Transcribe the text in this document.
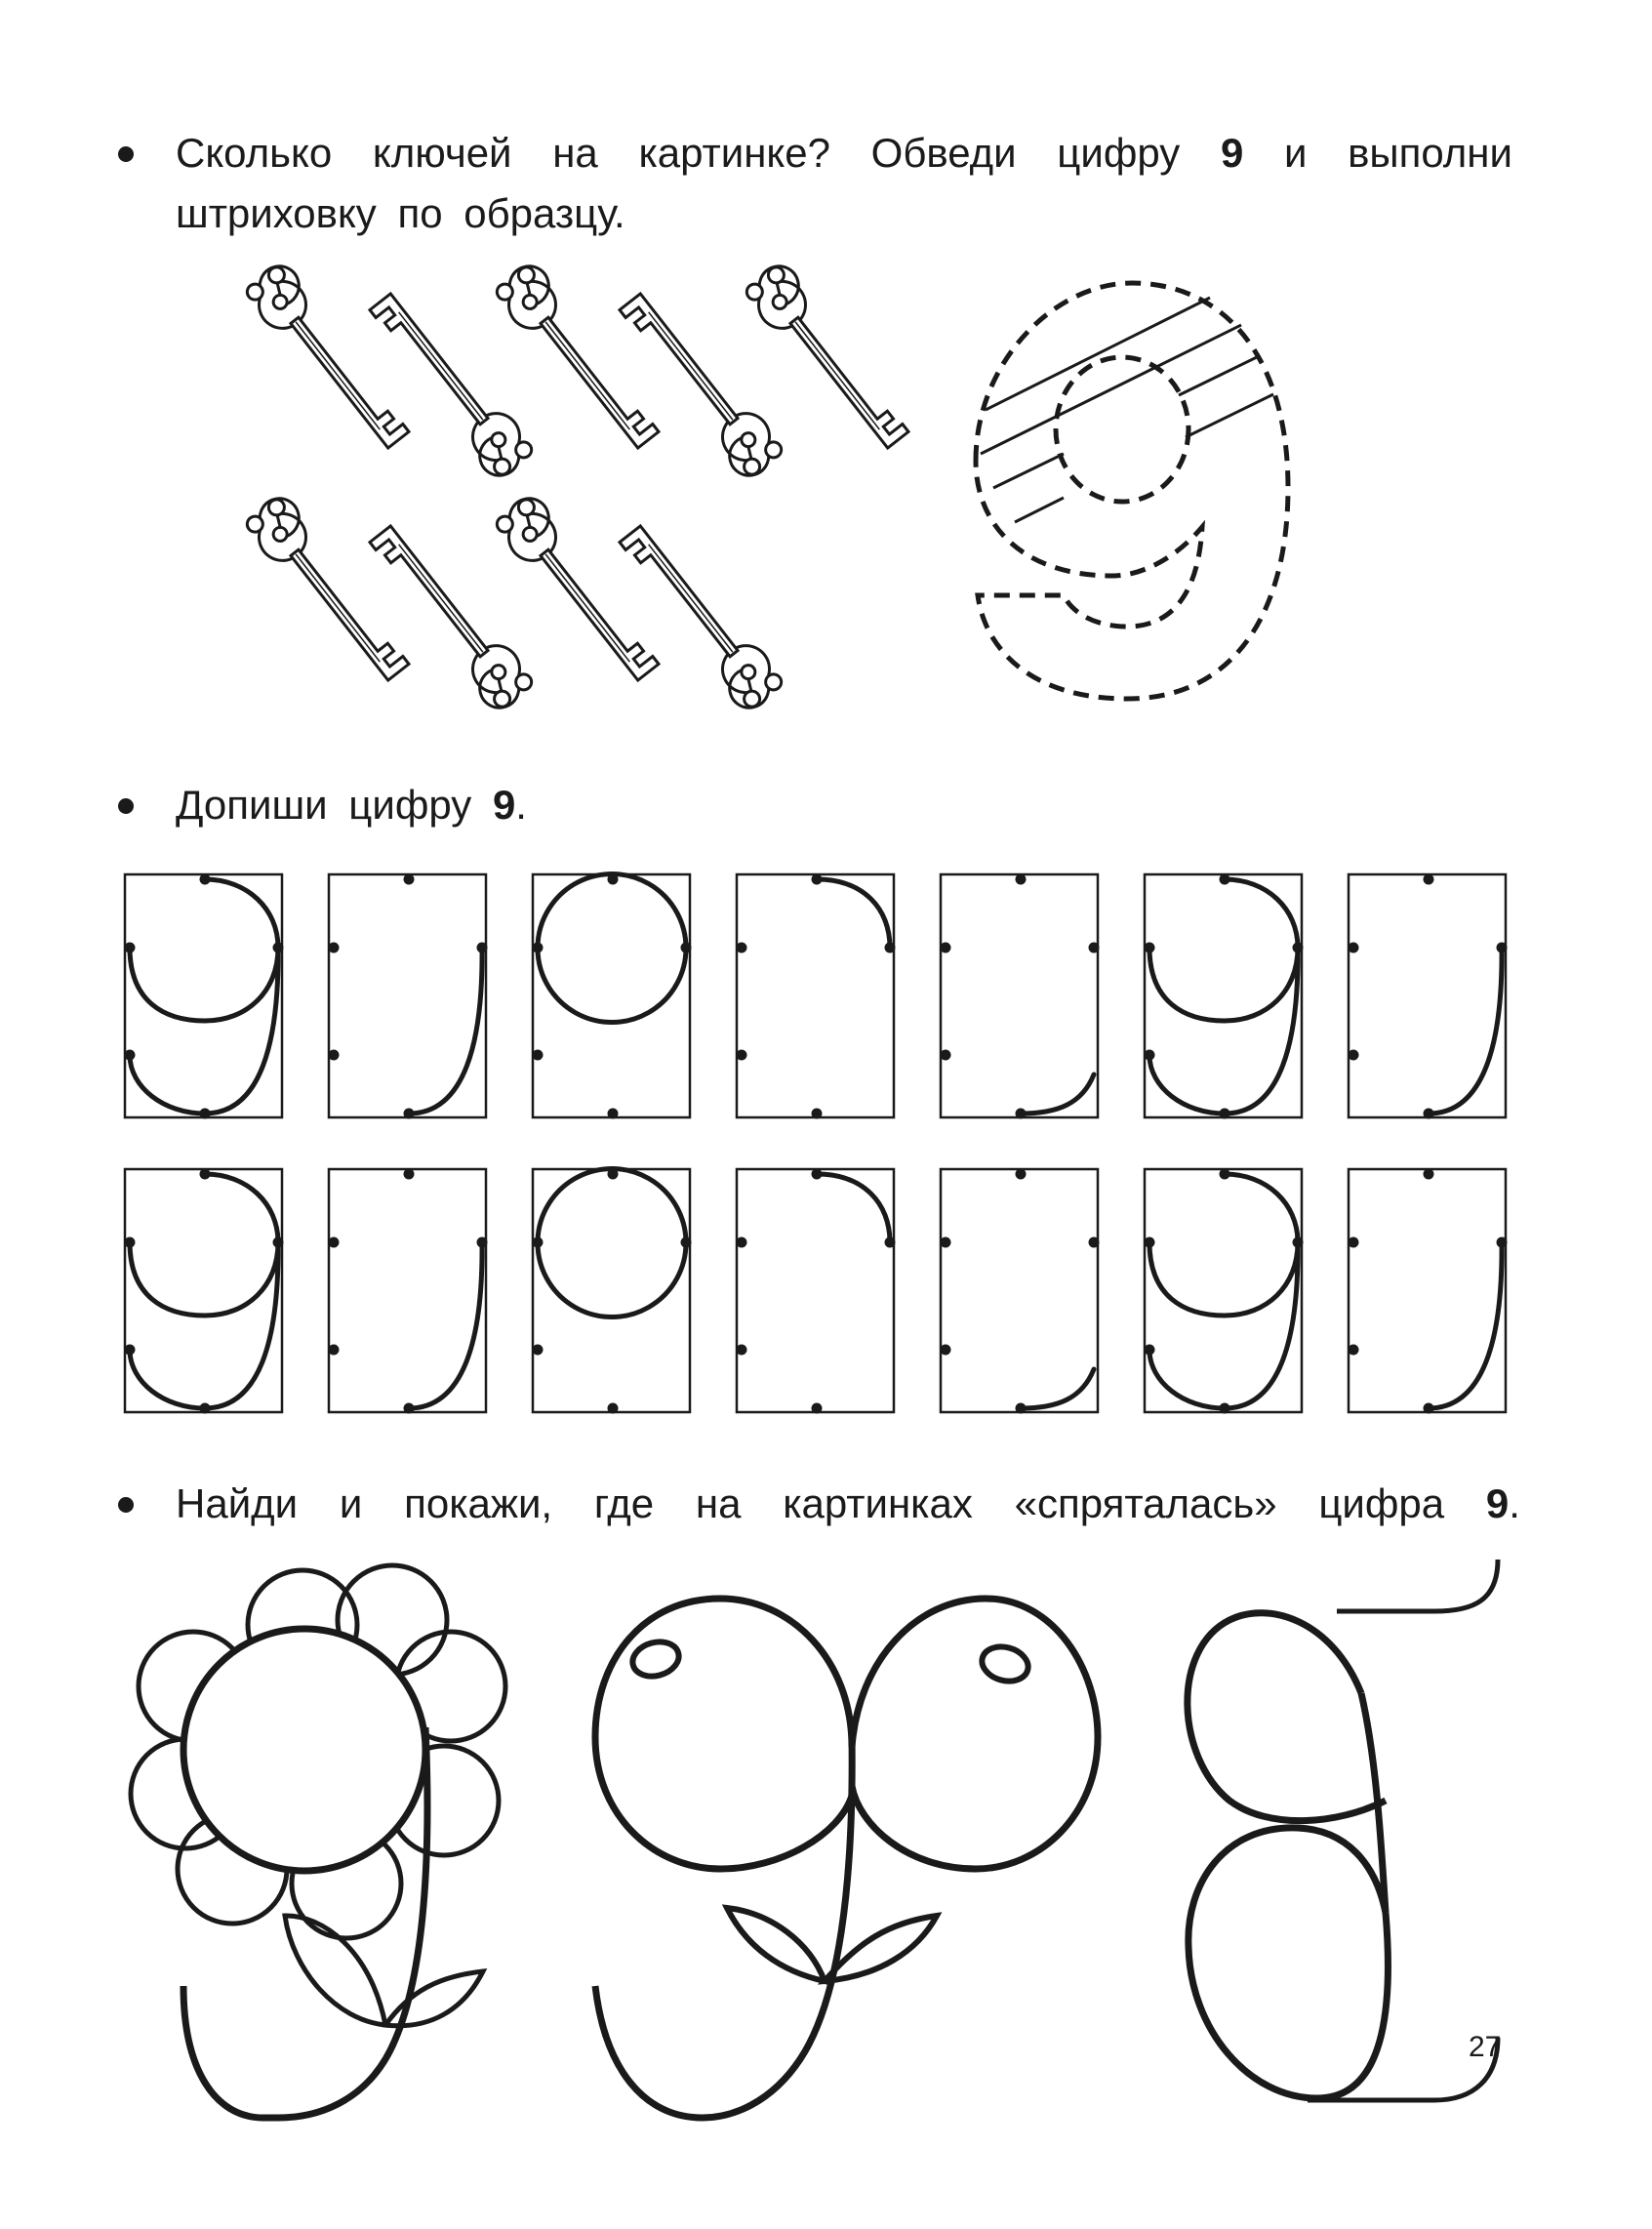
Сколько ключей на картинке? Обведи цифру 9 и выполни
штриховку по образцу.
Допиши цифру 9.
Найди и покажи, где на картинках «спряталась» цифра 9.
27
